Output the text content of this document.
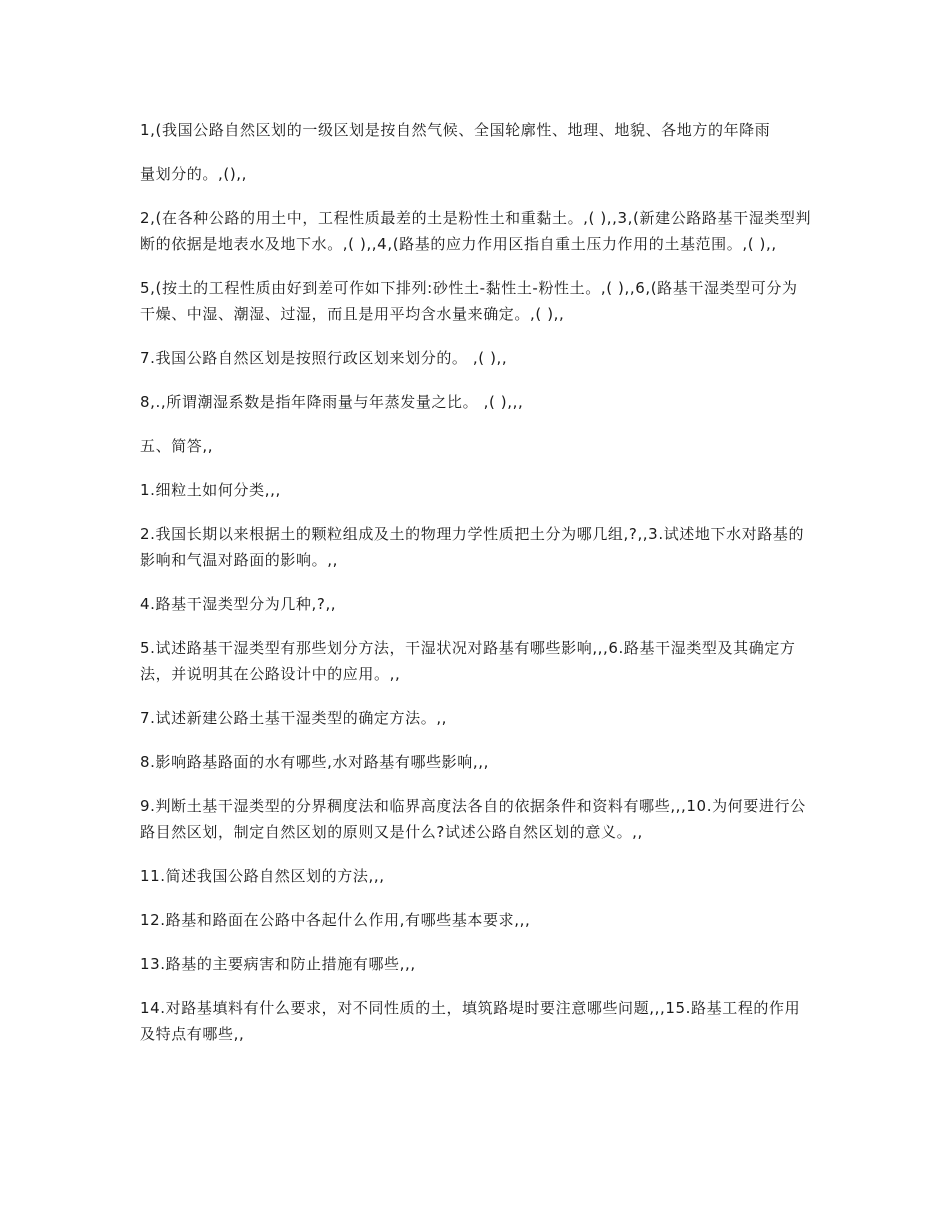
1,(我国公路自然区划的一级区划是按自然气候、全国轮廓性、地理、地貌、各地方的年降雨

量划分的。,(),,

2,(在各种公路的用土中，工程性质最差的土是粉性土和重黏土。,( ),,3,(新建公路路基干湿类型判断的依据是地表水及地下水。,( ),,4,(路基的应力作用区指自重土压力作用的土基范围。,( ),,

5,(按土的工程性质由好到差可作如下排列:砂性土-黏性土-粉性土。,( ),,6,(路基干湿类型可分为干燥、中湿、潮湿、过湿，而且是用平均含水量来确定。,( ),,

7.我国公路自然区划是按照行政区划来划分的。 ,( ),,

8,.,所谓潮湿系数是指年降雨量与年蒸发量之比。 ,( ),,,

五、简答,,

1.细粒土如何分类,,,

2.我国长期以来根据土的颗粒组成及土的物理力学性质把土分为哪几组,?,,3.试述地下水对路基的影响和气温对路面的影响。,,

4.路基干湿类型分为几种,?,,

5.试述路基干湿类型有那些划分方法，干湿状况对路基有哪些影响,,,6.路基干湿类型及其确定方法，并说明其在公路设计中的应用。,,

7.试述新建公路土基干湿类型的确定方法。,,

8.影响路基路面的水有哪些,水对路基有哪些影响,,,

9.判断土基干湿类型的分界稠度法和临界高度法各自的依据条件和资料有哪些,,,10.为何要进行公路目然区划，制定自然区划的原则又是什么?试述公路自然区划的意义。,,

11.简述我国公路自然区划的方法,,,

12.路基和路面在公路中各起什么作用,有哪些基本要求,,,

13.路基的主要病害和防止措施有哪些,,,

14.对路基填料有什么要求，对不同性质的土，填筑路堤时要注意哪些问题,,,15.路基工程的作用及特点有哪些,,
